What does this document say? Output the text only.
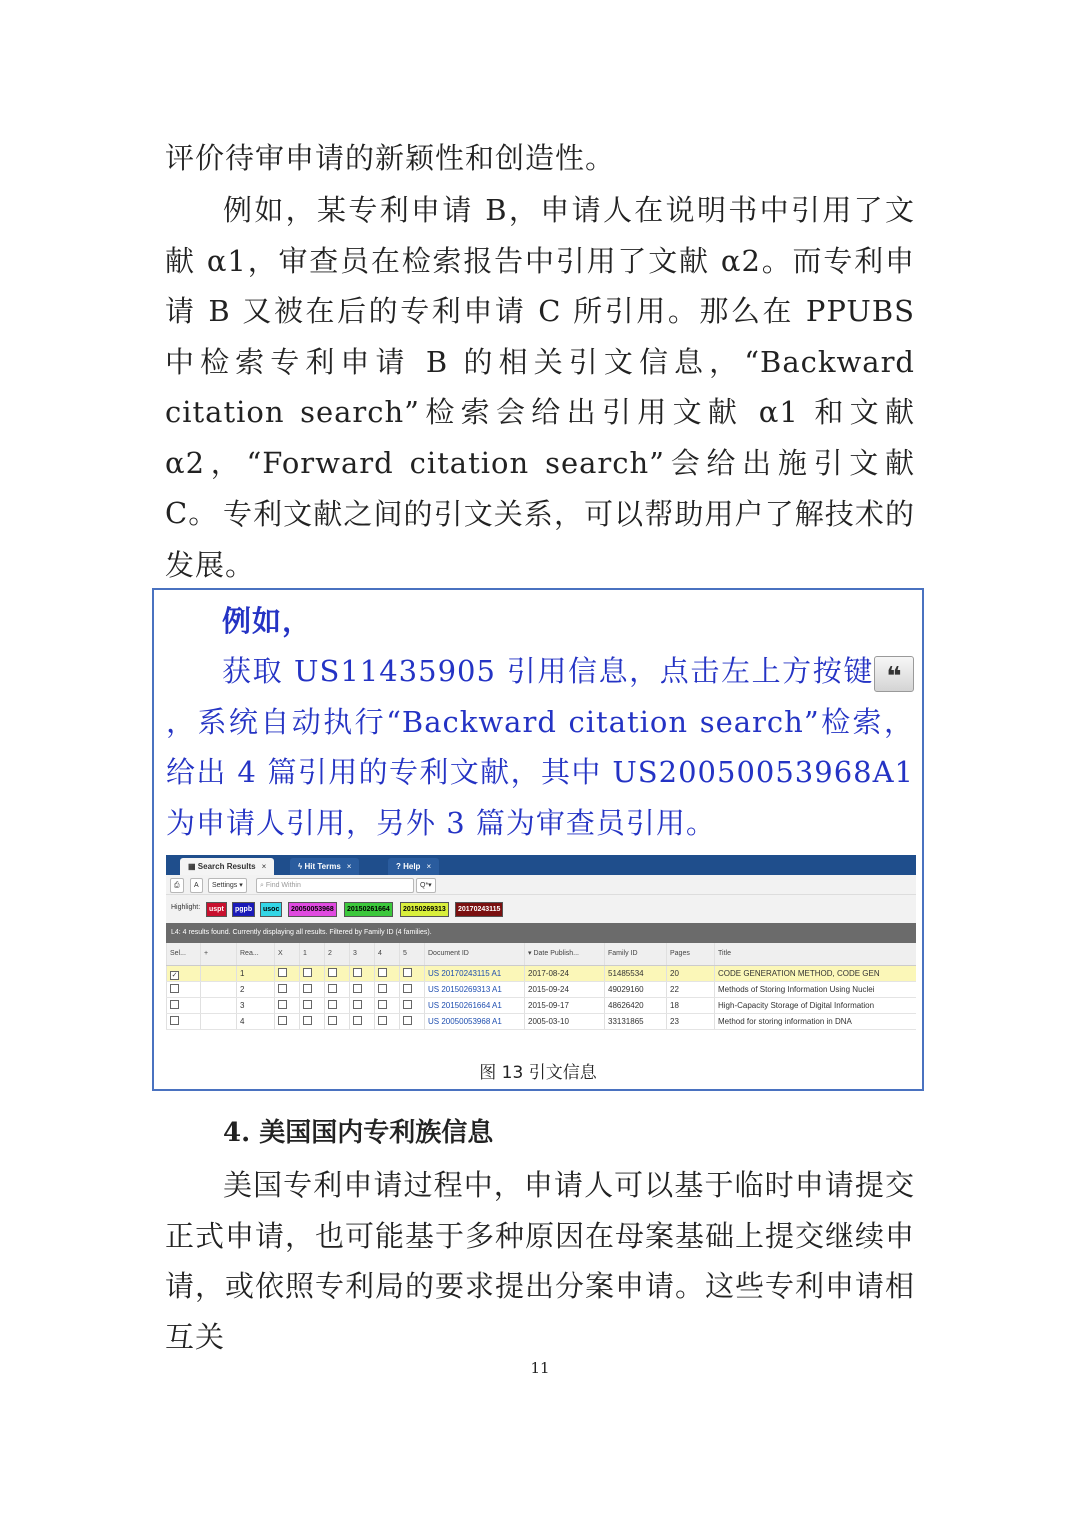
评价待审申请的新颖性和创造性。

例如，某专利申请 B，申请人在说明书中引用了文献 α1，审查员在检索报告中引用了文献 α2。而专利申请 B 又被在后的专利申请 C 所引用。那么在 PPUBS 中检索专利申请 B 的相关引文信息，“Backward citation search”检索会给出引用文献 α1 和文献 α2，“Forward citation search”会给出施引文献 C。 专利文献之间的引文关系，可以帮助用户了解技术的发展。

例如，

获取 US11435905 引用信息，点击左上方按键 ❝，系统自动执行“Backward citation search”检索，给出 4 篇引用的专利文献，其中 US20050053968A1 为申请人引用，另外 3 篇为审查员引用。

▦ Search Results ×	ϟ Hit Terms ×	? Help ×
⎙	A	Settings ▾	⌕ Find Within	Q*▾
Highlight:	uspt	pgpb	usoc	20050053968	20150261664	20150269313	20170243115
L4: 4 results found. Currently displaying all results. Filtered by Family ID (4 families).
Sel...	+	Rea...	X	1	2	3	4	5	Document ID	▾ Date Publish...	Family ID	Pages	Title
✓	1	US 20170243115 A1	2017-08-24	51485534	20	CODE GENERATION METHOD, CODE GEN
2	US 20150269313 A1	2015-09-24	49029160	22	Methods of Storing Information Using Nuclei
3	US 20150261664 A1	2015-09-17	48626420	18	High-Capacity Storage of Digital Information
4	US 20050053968 A1	2005-03-10	33131865	23	Method for storing information in DNA
图 13 引文信息

4. 美国国内专利族信息

美国专利申请过程中，申请人可以基于临时申请提交正式申请，也可能基于多种原因在母案基础上提交继续申请，或依照专利局的要求提出分案申请。这些专利申请相互关

11
